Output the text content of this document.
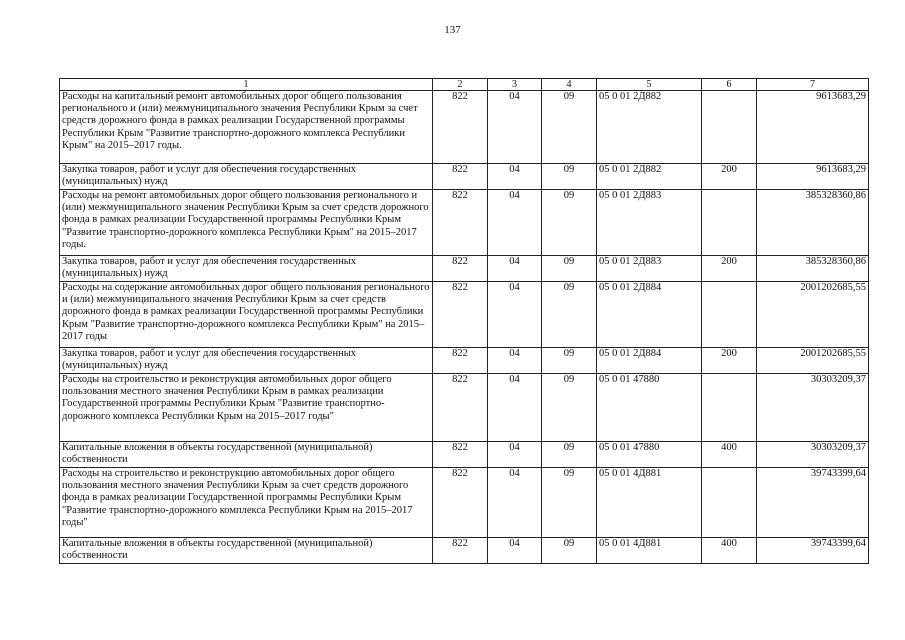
137
1	2	3	4	5	6	7
Расходы на капитальный ремонт автомобильных дорог общего пользования регионального и (или) межмуниципального значения Республики Крым за счет средств дорожного фонда в рамках реализации Государственной программы Республики Крым "Развитие транспортно-дорожного комплекса Республики Крым" на 2015–2017 годы.	822	04	09	05 0 01 2Д882		9613683,29
Закупка товаров, работ и услуг для обеспечения государственных (муниципальных) нужд	822	04	09	05 0 01 2Д882	200	9613683,29
Расходы на ремонт автомобильных дорог общего пользования регионального и (или) межмуниципального значения Республики Крым за счет средств дорожного фонда в рамках реализации Государственной программы Республики Крым "Развитие транспортно-дорожного комплекса Республики Крым" на 2015–2017 годы.	822	04	09	05 0 01 2Д883		385328360,86
Закупка товаров, работ и услуг для обеспечения государственных (муниципальных) нужд	822	04	09	05 0 01 2Д883	200	385328360,86
Расходы на содержание автомобильных дорог общего пользования регионального и (или) межмуниципального значения Республики Крым за счет средств дорожного фонда в рамках реализации Государственной программы Республики Крым "Развитие транспортно-дорожного комплекса Республики Крым" на 2015–2017 годы	822	04	09	05 0 01 2Д884		2001202685,55
Закупка товаров, работ и услуг для обеспечения государственных (муниципальных) нужд	822	04	09	05 0 01 2Д884	200	2001202685,55
Расходы на строительство и реконструкция автомобильных дорог общего пользования местного значения Республики Крым в рамках реализации Государственной программы Республики Крым "Развитие транспортно-дорожного комплекса Республики Крым на 2015–2017 годы"	822	04	09	05 0 01 47880		30303209,37
Капитальные вложения в объекты государственной (муниципальной) собственности	822	04	09	05 0 01 47880	400	30303209,37
Расходы на строительство и реконструкцию автомобильных дорог общего пользования местного значения Республики Крым за счет средств дорожного фонда в рамках реализации Государственной программы Республики Крым "Развитие транспортно-дорожного комплекса Республики Крым на 2015–2017 годы"	822	04	09	05 0 01 4Д881		39743399,64
Капитальные вложения в объекты государственной (муниципальной) собственности	822	04	09	05 0 01 4Д881	400	39743399,64
